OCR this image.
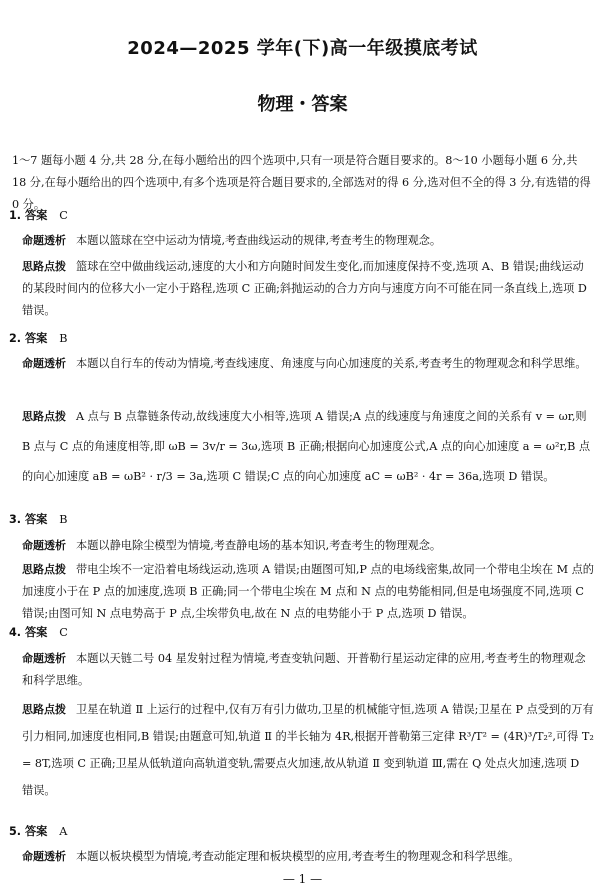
2024—2025 学年(下)高一年级摸底考试
物理・答案
1～7 题每小题 4 分,共 28 分,在每小题给出的四个选项中,只有一项是符合题目要求的。8～10 小题每小题 6 分,共 18 分,在每小题给出的四个选项中,有多个选项是符合题目要求的,全部选对的得 6 分,选对但不全的得 3 分,有选错的得 0 分。
1. 答案 C
命题透析 本题以篮球在空中运动为情境,考查曲线运动的规律,考查考生的物理观念。
思路点拨 篮球在空中做曲线运动,速度的大小和方向随时间发生变化,而加速度保持不变,选项 A、B 错误;曲线运动的某段时间内的位移大小一定小于路程,选项 C 正确;斜抛运动的合力方向与速度方向不可能在同一条直线上,选项 D 错误。
2. 答案 B
命题透析 本题以自行车的传动为情境,考查线速度、角速度与向心加速度的关系,考查考生的物理观念和科学思维。
思路点拨 A 点与 B 点靠链条传动,故线速度大小相等,选项 A 错误;A 点的线速度与角速度之间的关系有 v = ωr,则 B 点与 C 点的角速度相等,即 ωB = 3v/r = 3ω,选项 B 正确;根据向心加速度公式,A 点的向心加速度 a = ω²r,B 点的向心加速度 aB = ωB² · r/3 = 3a,选项 C 错误;C 点的向心加速度 aC = ωB² · 4r = 36a,选项 D 错误。
3. 答案 B
命题透析 本题以静电除尘模型为情境,考查静电场的基本知识,考查考生的物理观念。
思路点拨 带电尘埃不一定沿着电场线运动,选项 A 错误;由题图可知,P 点的电场线密集,故同一个带电尘埃在 M 点的加速度小于在 P 点的加速度,选项 B 正确;同一个带电尘埃在 M 点和 N 点的电势能相同,但是电场强度不同,选项 C 错误;由图可知 N 点电势高于 P 点,尘埃带负电,故在 N 点的电势能小于 P 点,选项 D 错误。
4. 答案 C
命题透析 本题以天链二号 04 星发射过程为情境,考查变轨问题、开普勒行星运动定律的应用,考查考生的物理观念和科学思维。
思路点拨 卫星在轨道 Ⅱ 上运行的过程中,仅有万有引力做功,卫星的机械能守恒,选项 A 错误;卫星在 P 点受到的万有引力相同,加速度也相同,B 错误;由题意可知,轨道 Ⅱ 的半长轴为 4R,根据开普勒第三定律 R³/T² = (4R)³/T₂²,可得 T₂ = 8T,选项 C 正确;卫星从低轨道向高轨道变轨,需要点火加速,故从轨道 Ⅱ 变到轨道 Ⅲ,需在 Q 处点火加速,选项 D 错误。
5. 答案 A
命题透析 本题以板块模型为情境,考查动能定理和板块模型的应用,考查考生的物理观念和科学思维。
— 1 —
